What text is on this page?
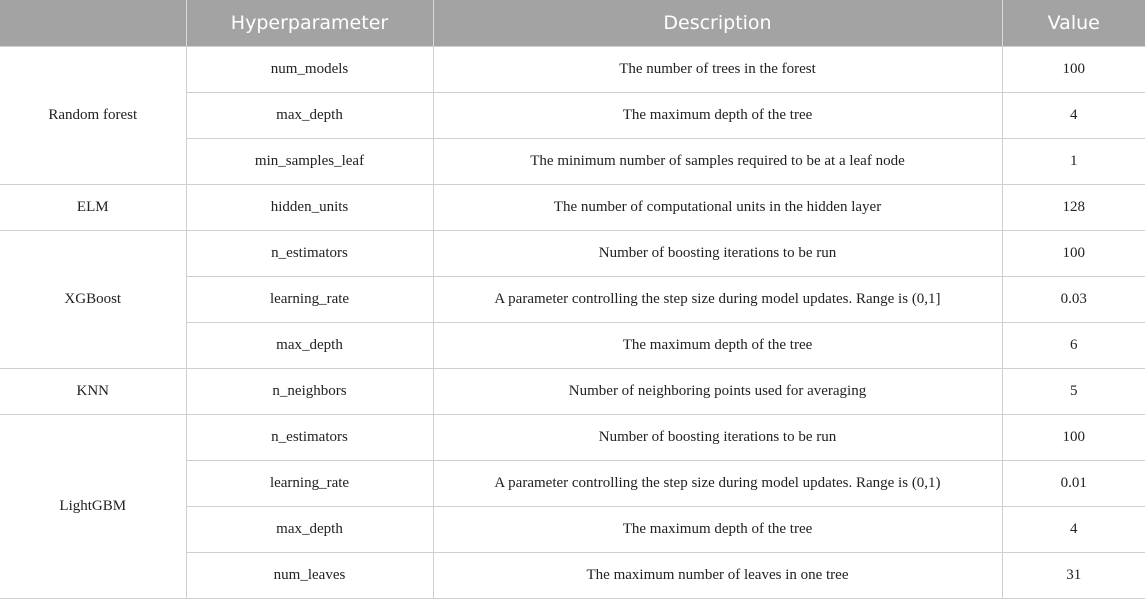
	Hyperparameter	Description	Value
Random forest	num_models	The number of trees in the forest	100
	max_depth	The maximum depth of the tree	4
	min_samples_leaf	The minimum number of samples required to be at a leaf node	1
ELM	hidden_units	The number of computational units in the hidden layer	128
XGBoost	n_estimators	Number of boosting iterations to be run	100
	learning_rate	A parameter controlling the step size during model updates. Range is (0,1]	0.03
	max_depth	The maximum depth of the tree	6
KNN	n_neighbors	Number of neighboring points used for averaging	5
LightGBM	n_estimators	Number of boosting iterations to be run	100
	learning_rate	A parameter controlling the step size during model updates. Range is (0,1)	0.01
	max_depth	The maximum depth of the tree	4
	num_leaves	The maximum number of leaves in one tree	31
